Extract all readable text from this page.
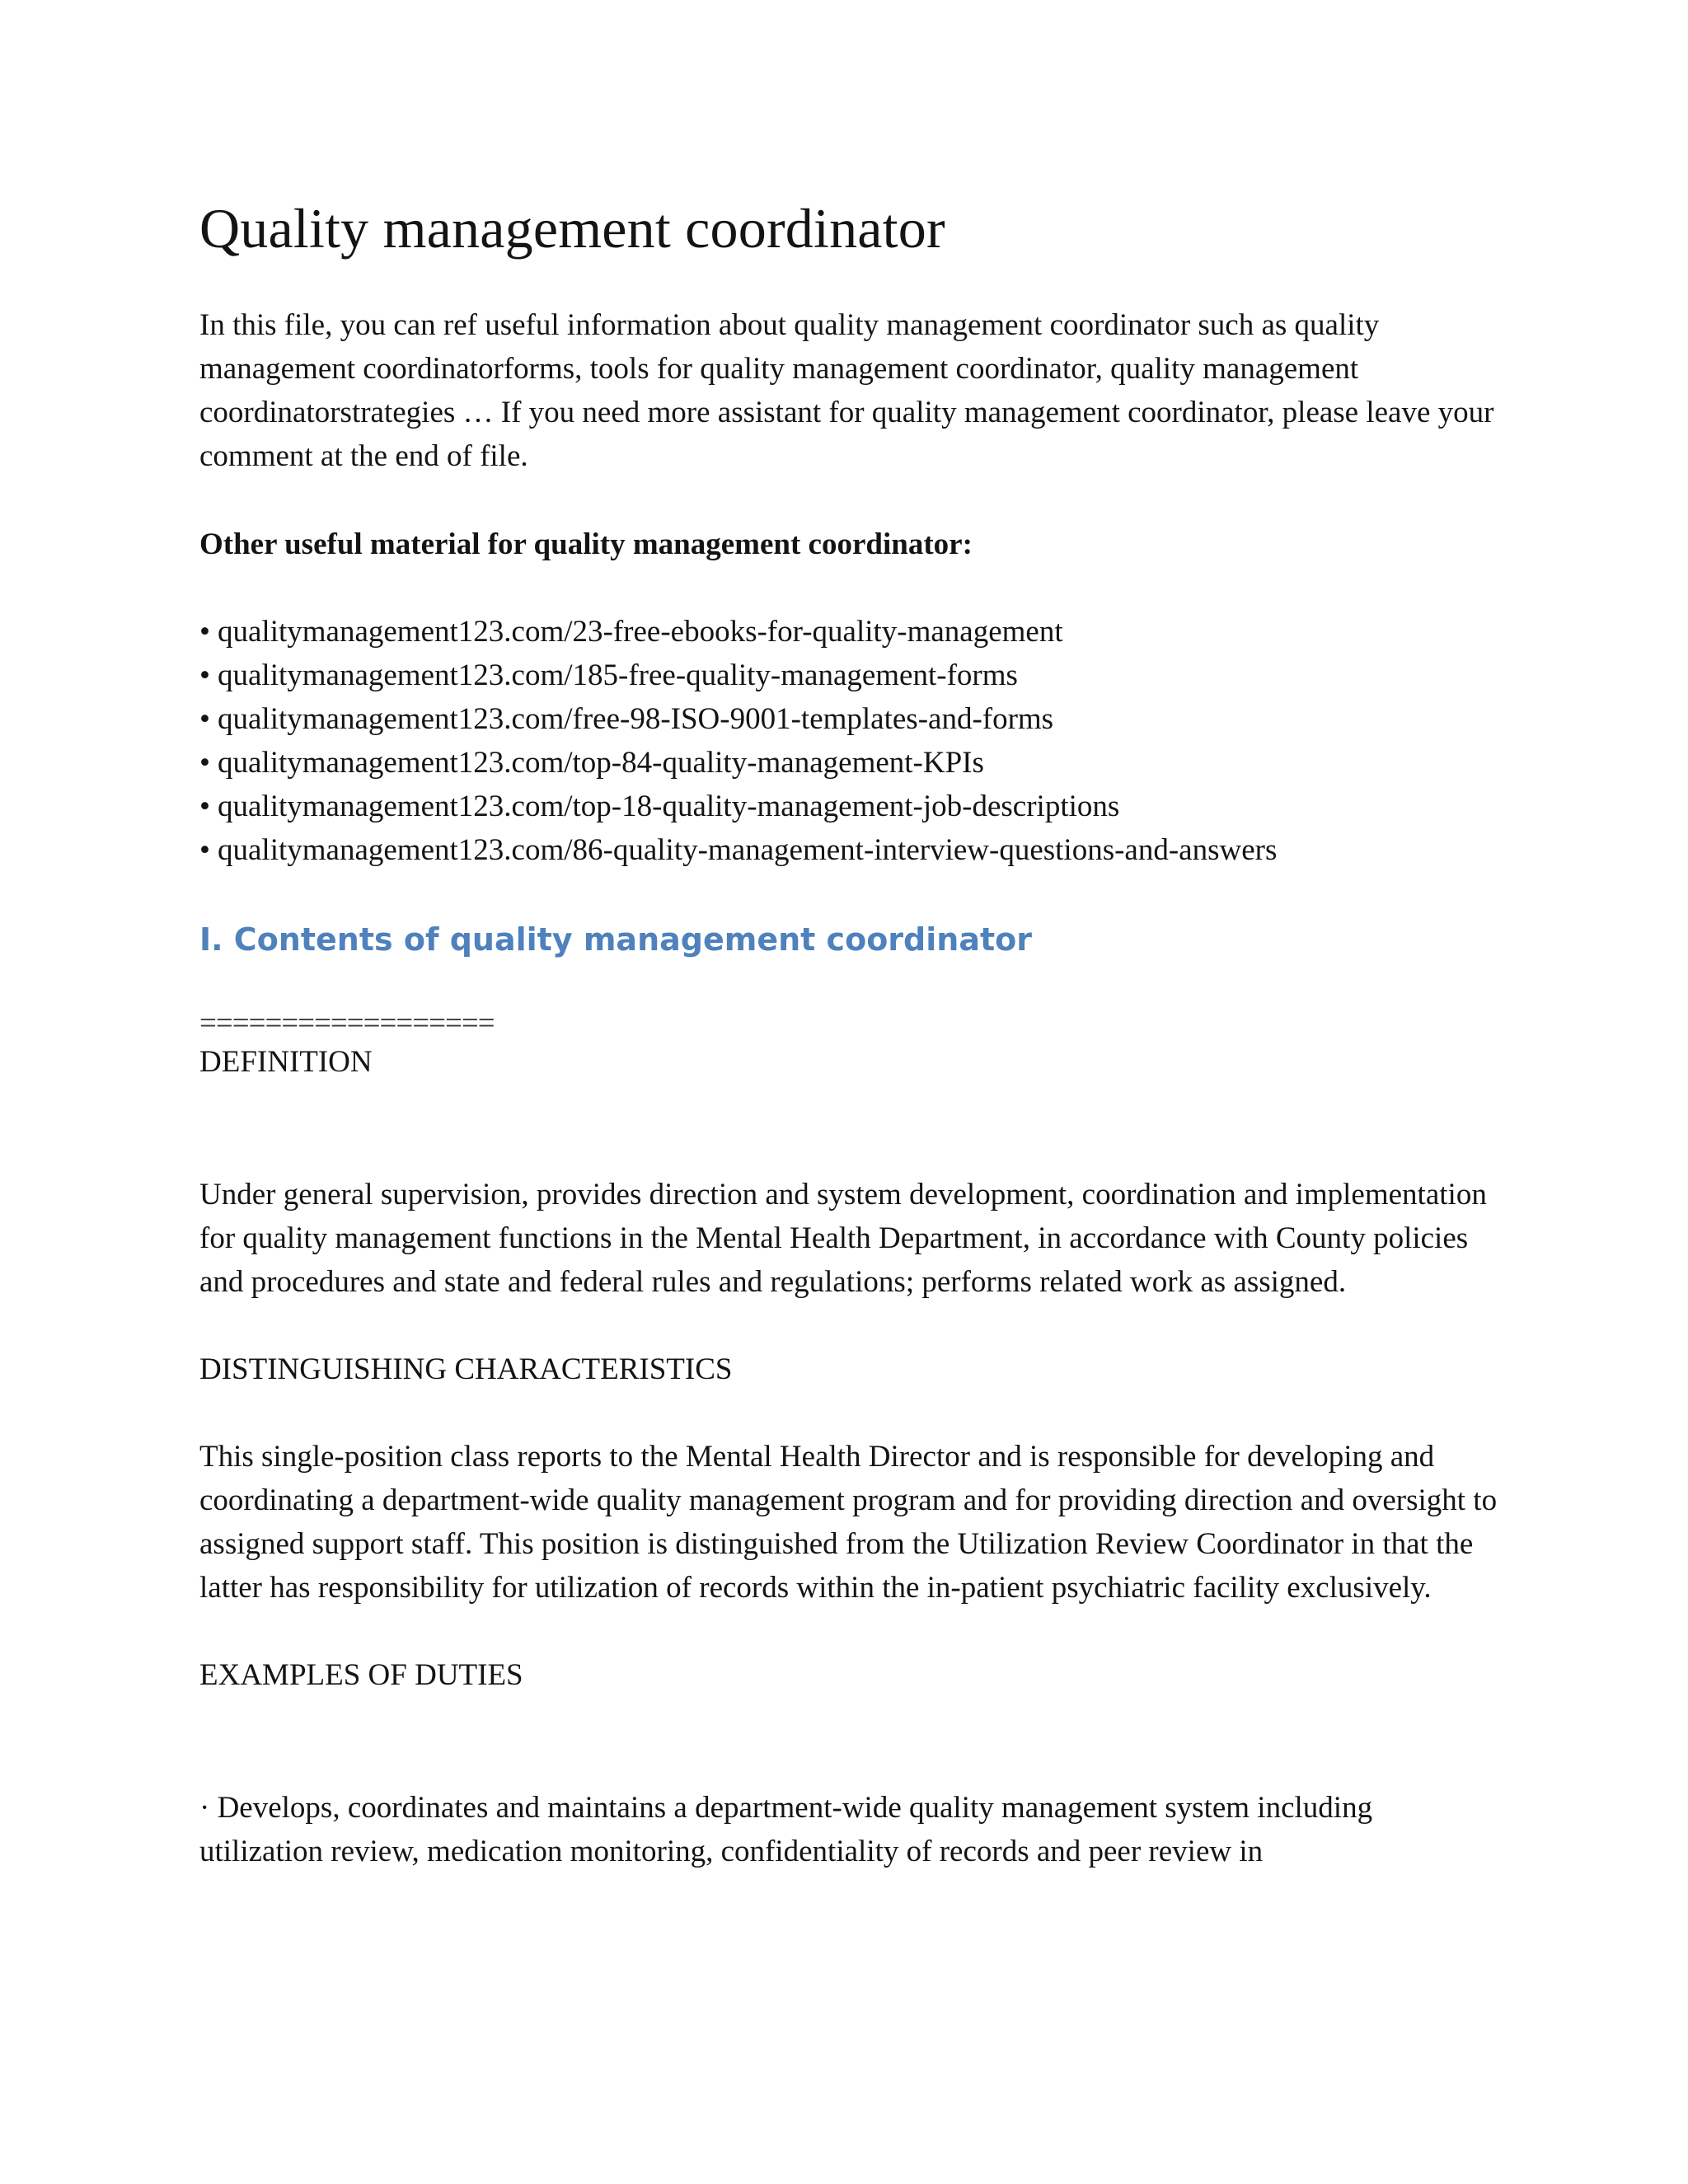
Quality management coordinator

In this file, you can ref useful information about quality management coordinator such as quality management coordinatorforms, tools for quality management coordinator, quality management coordinatorstrategies … If you need more assistant for quality management coordinator, please leave your comment at the end of file.

Other useful material for quality management coordinator:
• qualitymanagement123.com/23-free-ebooks-for-quality-management
• qualitymanagement123.com/185-free-quality-management-forms
• qualitymanagement123.com/free-98-ISO-9001-templates-and-forms
• qualitymanagement123.com/top-84-quality-management-KPIs
• qualitymanagement123.com/top-18-quality-management-job-descriptions
• qualitymanagement123.com/86-quality-management-interview-questions-and-answers
I. Contents of quality management coordinator
==================
DEFINITION

Under general supervision, provides direction and system development, coordination and implementation for quality management functions in the Mental Health Department, in accordance with County policies and procedures and state and federal rules and regulations; performs related work as assigned.

DISTINGUISHING CHARACTERISTICS

This single-position class reports to the Mental Health Director and is responsible for developing and coordinating a department-wide quality management program and for providing direction and oversight to assigned support staff. This position is distinguished from the Utilization Review Coordinator in that the latter has responsibility for utilization of records within the in-patient psychiatric facility exclusively.

EXAMPLES OF DUTIES

· Develops, coordinates and maintains a department-wide quality management system including utilization review, medication monitoring, confidentiality of records and peer review in
